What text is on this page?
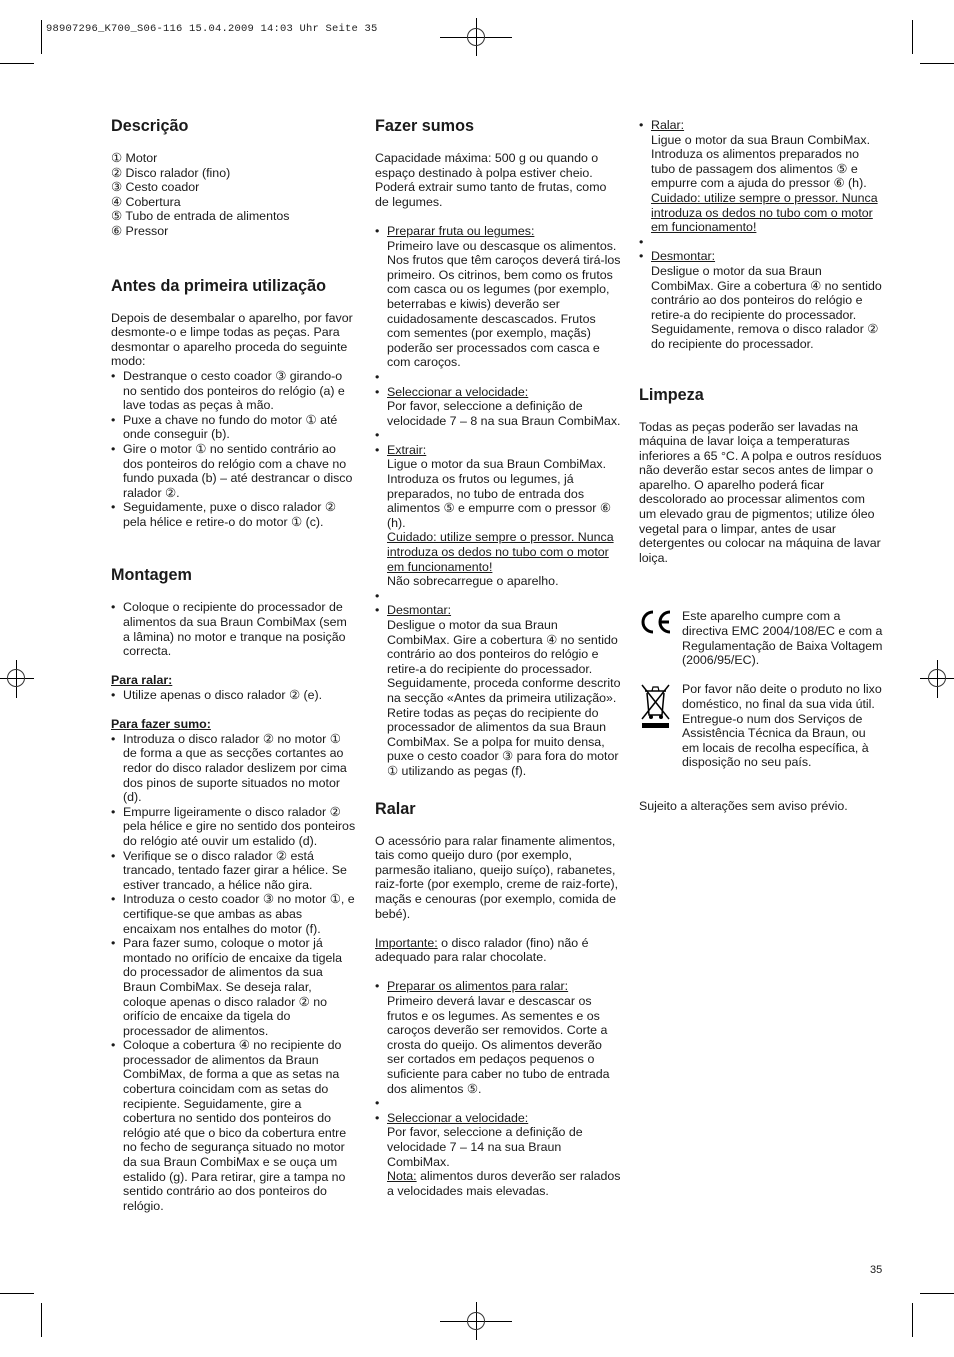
98907296_K700_S06-116 15.04.2009 14:03 Uhr Seite 35
Descrição
① Motor
② Disco ralador (fino)
③ Cesto coador
④ Cobertura
⑤ Tubo de entrada de alimentos
⑥ Pressor
Antes da primeira utilização

Depois de desembalar o aparelho, por favor desmonte-o e limpe todas as peças. Para desmontar o aparelho proceda do seguinte modo:

• Destranque o cesto coador ③ girando-o no sentido dos ponteiros do relógio (a) e lave todas as peças à mão.
• Puxe a chave no fundo do motor ① até onde conseguir (b).
• Gire o motor ① no sentido contrário ao dos ponteiros do relógio com a chave no fundo puxada (b) – até destrancar o disco ralador ②.
• Seguidamente, puxe o disco ralador ② pela hélice e retire-o do motor ① (c).
Montagem
• Coloque o recipiente do processador de alimentos da sua Braun CombiMax (sem a lâmina) no motor e tranque na posição correcta.
Para ralar:
• Utilize apenas o disco ralador ② (e).
Para fazer sumo:
• Introduza o disco ralador ② no motor ① de forma a que as secções cortantes ao redor do disco ralador deslizem por cima dos pinos de suporte situados no motor (d).
• Empurre ligeiramente o disco ralador ② pela hélice e gire no sentido dos ponteiros do relógio até ouvir um estalido (d).
• Verifique se o disco ralador ② está trancado, tentado fazer girar a hélice. Se estiver trancado, a hélice não gira.
• Introduza o cesto coador ③ no motor ①, e certifique-se que ambas as abas encaixam nos entalhes do motor (f).
• Para fazer sumo, coloque o motor já montado no orifício de encaixe da tigela do processador de alimentos da sua Braun CombiMax. Se deseja ralar, coloque apenas o disco ralador ② no orifício de encaixe da tigela do processador de alimentos.
• Coloque a cobertura ④ no recipiente do processador de alimentos da Braun CombiMax, de forma a que as setas na cobertura coincidam com as setas do recipiente. Seguidamente, gire a cobertura no sentido dos ponteiros do relógio até que o bico da cobertura entre no fecho de segurança situado no motor da sua Braun CombiMax e se ouça um estalido (g). Para retirar, gire a tampa no sentido contrário ao dos ponteiros do relógio.
Fazer sumos

Capacidade máxima: 500 g ou quando o espaço destinado à polpa estiver cheio. Poderá extrair sumo tanto de frutas, como de legumes.

• Preparar fruta ou legumes:
Primeiro lave ou descasque os alimentos. Nos frutos que têm caroços deverá tirá-los primeiro. Os citrinos, bem como os frutos com casca ou os legumes (por exemplo, beterrabas e kiwis) deverão ser cuidadosamente descascados. Frutos com sementes (por exemplo, maçãs) poderão ser processados com casca e com caroços.
•
• Seleccionar a velocidade:
Por favor, seleccione a definição de velocidade 7 – 8 na sua Braun CombiMax.
•
• Extrair:
Ligue o motor da sua Braun CombiMax. Introduza os frutos ou legumes, já preparados, no tubo de entrada dos alimentos ⑤ e empurre com o pressor ⑥ (h).
Cuidado: utilize sempre o pressor. Nunca introduza os dedos no tubo com o motor em funcionamento!
Não sobrecarregue o aparelho.
•
• Desmontar:
Desligue o motor da sua Braun CombiMax. Gire a cobertura ④ no sentido contrário ao dos ponteiros do relógio e retire-a do recipiente do processador. Seguidamente, proceda conforme descrito na secção «Antes da primeira utilização». Retire todas as peças do recipiente do processador de alimentos da sua Braun CombiMax. Se a polpa for muito densa, puxe o cesto coador ③ para fora do motor ① utilizando as pegas (f).
Ralar

O acessório para ralar finamente alimentos, tais como queijo duro (por exemplo, parmesão italiano, queijo suíço), rabanetes, raiz-forte (por exemplo, creme de raiz-forte), maçãs e cenouras (por exemplo, comida de bebé).

Importante: o disco ralador (fino) não é adequado para ralar chocolate.

• Preparar os alimentos para ralar:
Primeiro deverá lavar e descascar os frutos e os legumes. As sementes e os caroços deverão ser removidos. Corte a crosta do queijo. Os alimentos deverão ser cortados em pedaços pequenos o suficiente para caber no tubo de entrada dos alimentos ⑤.
•
• Seleccionar a velocidade:
Por favor, seleccione a definição de velocidade 7 – 14 na sua Braun CombiMax.
Nota: alimentos duros deverão ser ralados a velocidades mais elevadas.
• Ralar:
Ligue o motor da sua Braun CombiMax. Introduza os alimentos preparados no tubo de passagem dos alimentos ⑤ e empurre com a ajuda do pressor ⑥ (h).
Cuidado: utilize sempre o pressor. Nunca introduza os dedos no tubo com o motor em funcionamento!
•
• Desmontar:
Desligue o motor da sua Braun CombiMax. Gire a cobertura ④ no sentido contrário ao dos ponteiros do relógio e retire-a do recipiente do processador. Seguidamente, remova o disco ralador ② do recipiente do processador.
Limpeza

Todas as peças poderão ser lavadas na máquina de lavar loiça a temperaturas inferiores a 65 °C. A polpa e outros resíduos não deverão estar secos antes de limpar o aparelho. O aparelho poderá ficar descolorado ao processar alimentos com um elevado grau de pigmentos; utilize óleo vegetal para o limpar, antes de usar detergentes ou colocar na máquina de lavar loiça.

Este aparelho cumpre com a directiva EMC 2004/108/EC e com a Regulamentação de Baixa Voltagem (2006/95/EC).

Por favor não deite o produto no lixo doméstico, no final da sua vida útil. Entregue-o num dos Serviços de Assistência Técnica da Braun, ou em locais de recolha específica, à disposição no seu país.

Sujeito a alterações sem aviso prévio.

35
